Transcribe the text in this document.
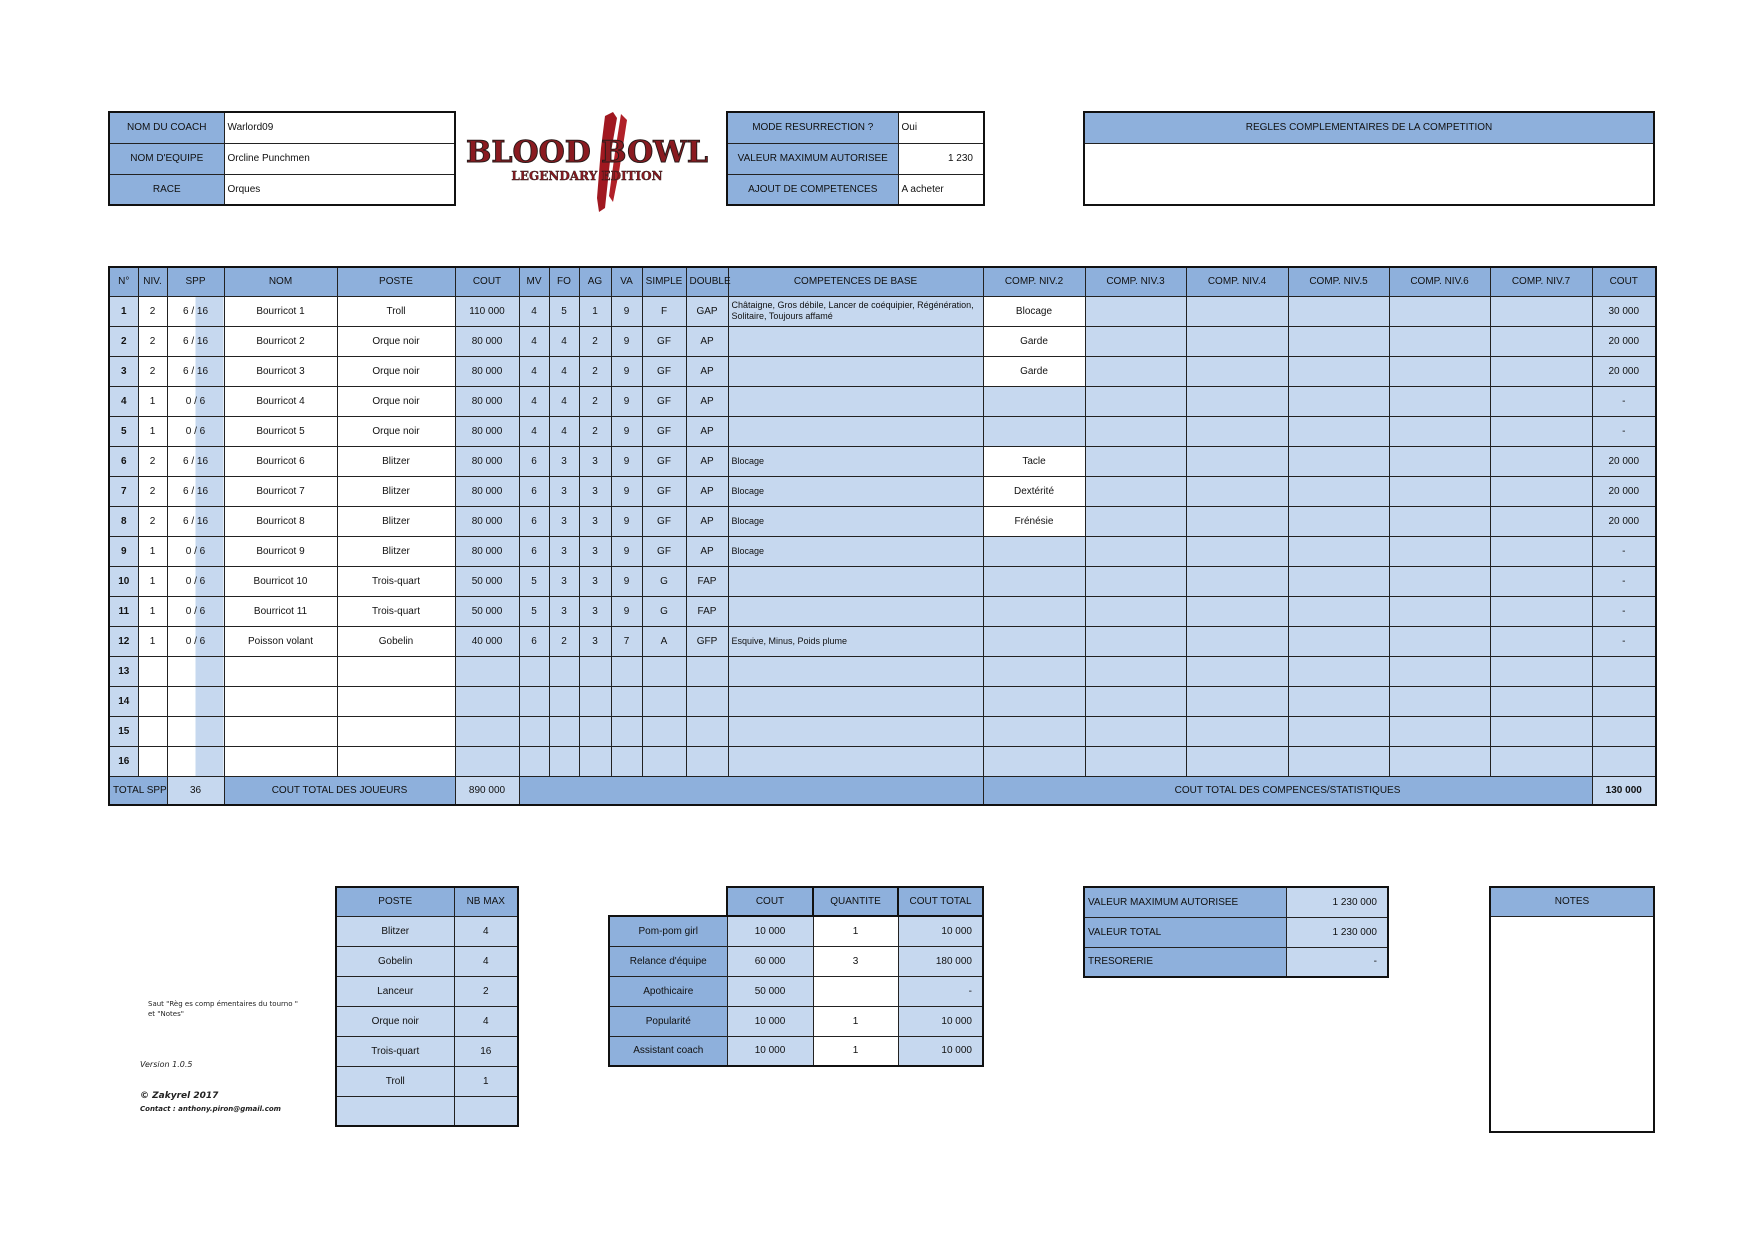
NOM DU COACH	Warlord09
NOM D'EQUIPE	Orcline Punchmen
RACE	Orques
BLOOD BOWL
LEGENDARY EDITION
MODE RESURRECTION ?	Oui
VALEUR MAXIMUM AUTORISEE	1 230
AJOUT DE COMPETENCES	A acheter
REGLES COMPLEMENTAIRES DE LA COMPETITION

N°	NIV.	SPP	NOM	POSTE	COUT	MV	FO	AG	VA	SIMPLE	DOUBLE	COMPETENCES DE BASE	COMP. NIV.2	COMP. NIV.3	COMP. NIV.4	COMP. NIV.5	COMP. NIV.6	COMP. NIV.7	COUT
1	2	6 / 16	Bourricot 1	Troll	110 000	4	5	1	9	F	GAP	Châtaigne, Gros débile, Lancer de coéquipier, Régénération, Solitaire, Toujours affamé	Blocage						30 000
2	2	6 / 16	Bourricot 2	Orque noir	80 000	4	4	2	9	GF	AP		Garde						20 000
3	2	6 / 16	Bourricot 3	Orque noir	80 000	4	4	2	9	GF	AP		Garde						20 000
4	1	0 / 6	Bourricot 4	Orque noir	80 000	4	4	2	9	GF	AP								-
5	1	0 / 6	Bourricot 5	Orque noir	80 000	4	4	2	9	GF	AP								-
6	2	6 / 16	Bourricot 6	Blitzer	80 000	6	3	3	9	GF	AP	Blocage	Tacle						20 000
7	2	6 / 16	Bourricot 7	Blitzer	80 000	6	3	3	9	GF	AP	Blocage	Dextérité						20 000
8	2	6 / 16	Bourricot 8	Blitzer	80 000	6	3	3	9	GF	AP	Blocage	Frénésie						20 000
9	1	0 / 6	Bourricot 9	Blitzer	80 000	6	3	3	9	GF	AP	Blocage							-
10	1	0 / 6	Bourricot 10	Trois-quart	50 000	5	3	3	9	G	FAP								-
11	1	0 / 6	Bourricot 11	Trois-quart	50 000	5	3	3	9	G	FAP								-
12	1	0 / 6	Poisson volant	Gobelin	40 000	6	2	3	7	A	GFP	Esquive, Minus, Poids plume							-
13																			
14																			
15																			
16																			
TOTAL SPP		36	COUT TOTAL DES JOUEURS		890 000								COUT TOTAL DES COMPENCES/STATISTIQUES						130 000
POSTE	NB MAX
Blitzer	4
Gobelin	4
Lanceur	2
Orque noir	4
Trois-quart	16
Troll	1

	COUT	QUANTITE	COUT TOTAL
Pom-pom girl	10 000	1	10 000
Relance d'équipe	60 000	3	180 000
Apothicaire	50 000		-
Popularité	10 000	1	10 000
Assistant coach	10 000	1	10 000
VALEUR MAXIMUM AUTORISEE	1 230 000
VALEUR TOTAL	1 230 000
TRESORERIE	-
NOTES

Saut "Règ es comp émentaires du tourno " et "Notes"
Version 1.0.5
© Zakyrel 2017
Contact : anthony.piron@gmail.com
